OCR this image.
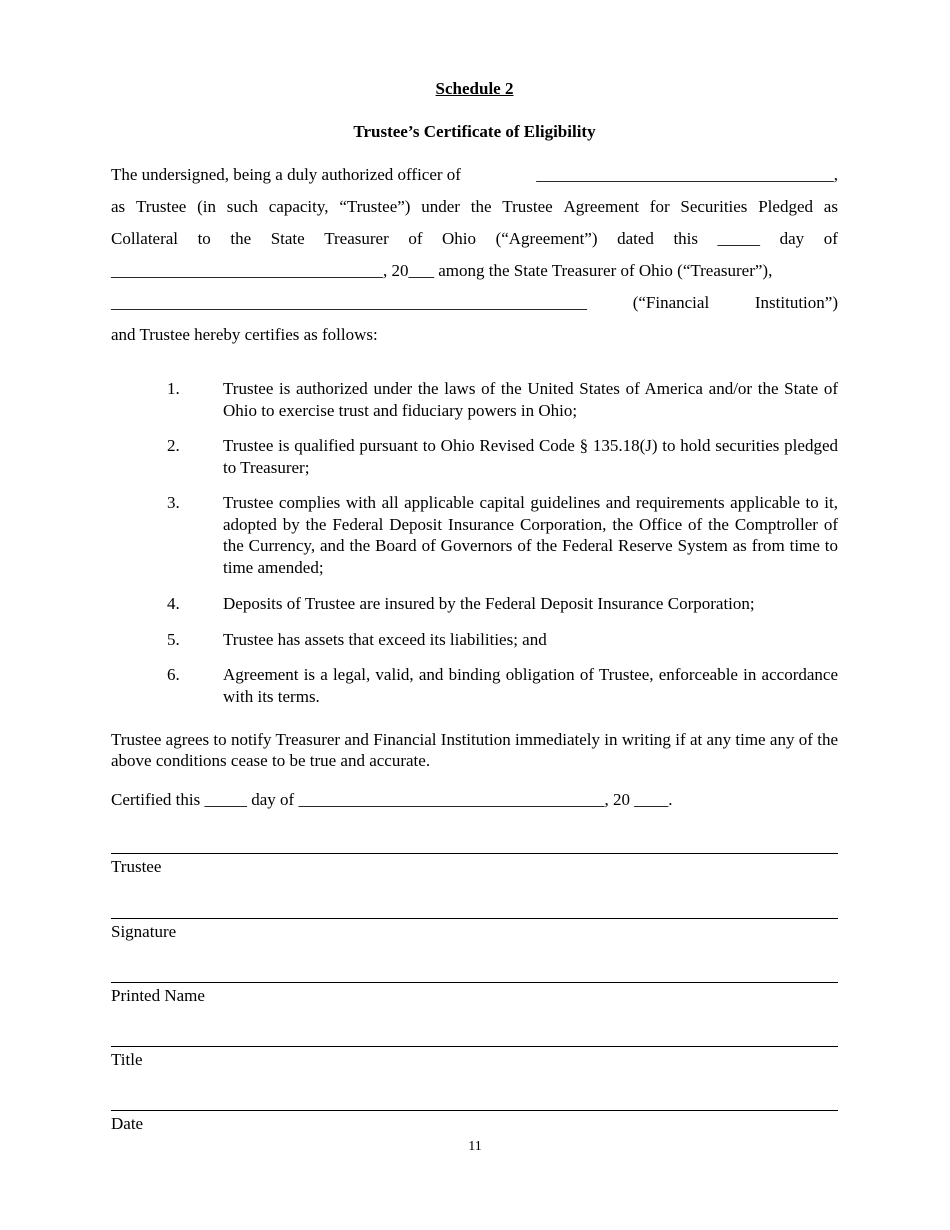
Schedule 2
Trustee’s Certificate of Eligibility
The undersigned, being a duly authorized officer of	___________________________________,
as Trustee (in such capacity, “Trustee”) under the Trustee Agreement for Securities Pledged as
Collateral to the State Treasurer of Ohio (“Agreement”) dated this _____ day of
________________________________, 20___ among the State Treasurer of Ohio (“Treasurer”),
________________________________________________________	(“Financial	Institution”)
and Trustee hereby certifies as follows:
1.	Trustee is authorized under the laws of the United States of America and/or the State of Ohio to exercise trust and fiduciary powers in Ohio;
2.	Trustee is qualified pursuant to Ohio Revised Code § 135.18(J) to hold securities pledged to Treasurer;
3.	Trustee complies with all applicable capital guidelines and requirements applicable to it, adopted by the Federal Deposit Insurance Corporation, the Office of the Comptroller of the Currency, and the Board of Governors of the Federal Reserve System as from time to time amended;
4.	Deposits of Trustee are insured by the Federal Deposit Insurance Corporation;
5.	Trustee has assets that exceed its liabilities; and
6.	Agreement is a legal, valid, and binding obligation of Trustee, enforceable in accordance with its terms.
Trustee agrees to notify Treasurer and Financial Institution immediately in writing if at any time any of the above conditions cease to be true and accurate.
Certified this _____ day of ____________________________________, 20 ____.
Trustee
Signature
Printed Name
Title
Date
11
